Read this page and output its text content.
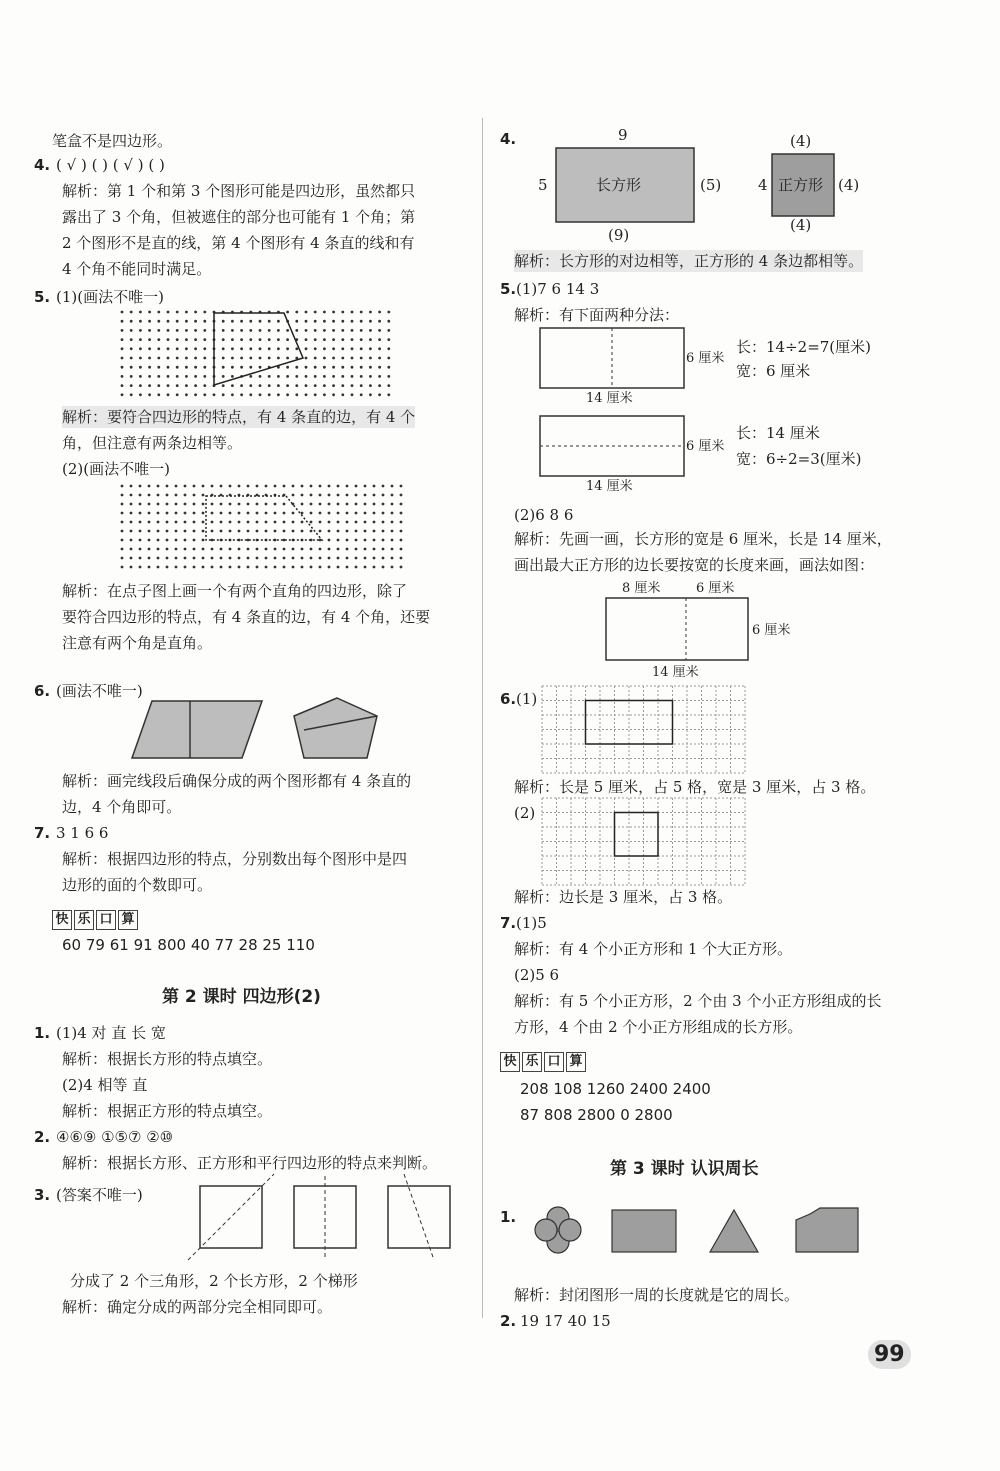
笔盒不是四边形。
4. ( √ ) ( ) ( √ ) ( )
解析：第 1 个和第 3 个图形可能是四边形，虽然都只
露出了 3 个角，但被遮住的部分也可能有 1 个角；第
2 个图形不是直的线，第 4 个图形有 4 条直的线和有
4 个角不能同时满足。
5. (1)(画法不唯一)
解析：要符合四边形的特点，有 4 条直的边，有 4 个
角，但注意有两条边相等。
(2)(画法不唯一)
解析：在点子图上画一个有两个直角的四边形，除了
要符合四边形的特点，有 4 条直的边，有 4 个角，还要
注意有两个角是直角。
6. (画法不唯一)
解析：画完线段后确保分成的两个图形都有 4 条直的
边，4 个角即可。
7. 3 1 6 6
解析：根据四边形的特点，分别数出每个图形中是四
边形的面的个数即可。
快 乐 口 算
60 79 61 91 800 40 77 28 25 110
第 2 课时 四边形(2)
1. (1)4 对 直 长 宽
解析：根据长方形的特点填空。
(2)4 相等 直
解析：根据正方形的特点填空。
2. ④⑥⑨ ①⑤⑦ ②⑩
解析：根据长方形、正方形和平行四边形的特点来判断。
3. (答案不唯一)
分成了 2 个三角形，2 个长方形，2 个梯形
解析：确定分成的两部分完全相同即可。
4.	9
长方形
5	(5)
(9)
(4)
正方形
4	(4)
(4)
解析：长方形的对边相等，正方形的 4 条边都相等。
5. (1)7 6 14 3
解析：有下面两种分法：
6 厘米
14 厘米
长：14÷2=7(厘米)
宽：6 厘米
6 厘米
14 厘米
长：14 厘米
宽：6÷2=3(厘米)
(2)6 8 6
解析：先画一画，长方形的宽是 6 厘米，长是 14 厘米，
画出最大正方形的边长要按宽的长度来画，画法如图：
8 厘米	6 厘米
6 厘米
14 厘米
6. (1)
解析：长是 5 厘米，占 5 格，宽是 3 厘米，占 3 格。
(2)
解析：边长是 3 厘米，占 3 格。
7. (1)5
解析：有 4 个小正方形和 1 个大正方形。
(2)5 6
解析：有 5 个小正方形，2 个由 3 个小正方形组成的长
方形，4 个由 2 个小正方形组成的长方形。
快 乐 口 算
208 108 1260 2400 2400
87 808 2800 0 2800
第 3 课时 认识周长
1.
解析：封闭图形一周的长度就是它的周长。
2. 19 17 40 15
99
